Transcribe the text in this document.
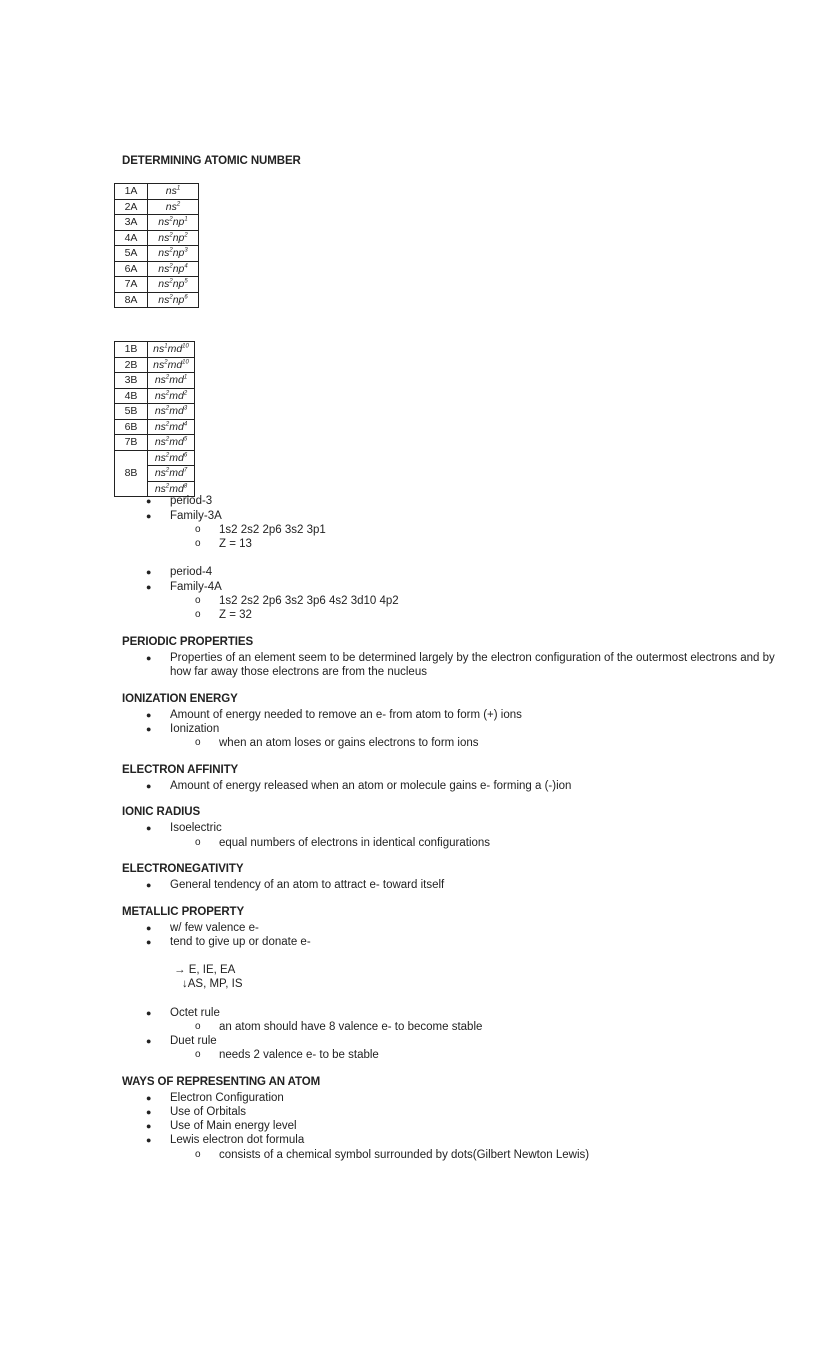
DETERMINING ATOMIC NUMBER
1A	$ns^1$
2A	$ns^2$
3A	$ns^2np^1$
4A	$ns^2np^2$
5A	$ns^2np^3$
6A	$ns^2np^4$
7A	$ns^2np^5$
8A	$ns^2np^6$
1B	$ns^1md^{10}$
2B	$ns^2md^{10}$
3B	$ns^2md^1$
4B	$ns^2md^2$
5B	$ns^2md^3$
6B	$ns^2md^4$
7B	$ns^2md^5$
8B	$ns^2md^6$
	$ns^2md^7$
	$ns^2md^8$
● period-3
● Family-3A
o 1s2 2s2 2p6 3s2 3p1
o Z = 13
● period-4
● Family-4A
o 1s2 2s2 2p6 3s2 3p6 4s2 3d10 4p2
o Z = 32
PERIODIC PROPERTIES
● Properties of an element seem to be determined largely by the electron configuration of the outermost electrons and by
how far away those electrons are from the nucleus
IONIZATION ENERGY
● Amount of energy needed to remove an e- from atom to form (+) ions
● Ionization
o when an atom loses or gains electrons to form ions
ELECTRON AFFINITY
● Amount of energy released when an atom or molecule gains e- forming a (-)ion
IONIC RADIUS
● Isoelectric
o equal numbers of electrons in identical configurations
ELECTRONEGATIVITY
● General tendency of an atom to attract e- toward itself
METALLIC PROPERTY
● w/ few valence e-
● tend to give up or donate e-
→ E, IE, EA
↓AS, MP, IS
● Octet rule
o an atom should have 8 valence e- to become stable
● Duet rule
o needs 2 valence e- to be stable
WAYS OF REPRESENTING AN ATOM
● Electron Configuration
● Use of Orbitals
● Use of Main energy level
● Lewis electron dot formula
o consists of a chemical symbol surrounded by dots(Gilbert Newton Lewis)
